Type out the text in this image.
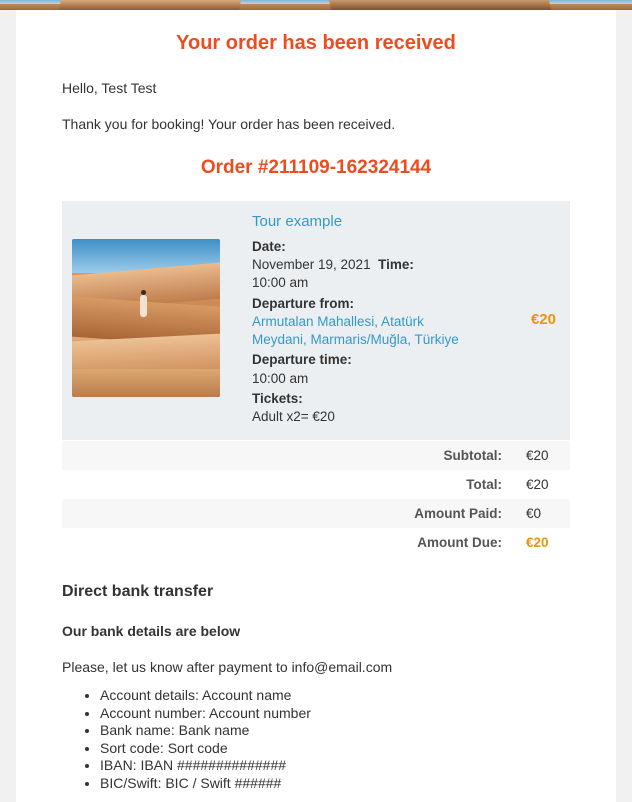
Your order has been received

Hello, Test Test

Thank you for booking! Your order has been received.

Order #211109-162324144

Tour example
Date:
November 19, 2021 Time:
10:00 am
Departure from:
Armutalan Mahallesi, Atatürk Meydani, Marmaris/Muğla, Türkiye
Departure time:
10:00 am
Tickets:
Adult x2= €20
	€20
Subtotal:	€20
Total:	€20
Amount Paid:	€0
Amount Due:	€20
Direct bank transfer
Our bank details are below

Please, let us know after payment to info@email.com

• Account details: Account name
• Account number: Account number
• Bank name: Bank name
• Sort code: Sort code
• IBAN: IBAN ##############
• BIC/Swift: BIC / Swift ######
